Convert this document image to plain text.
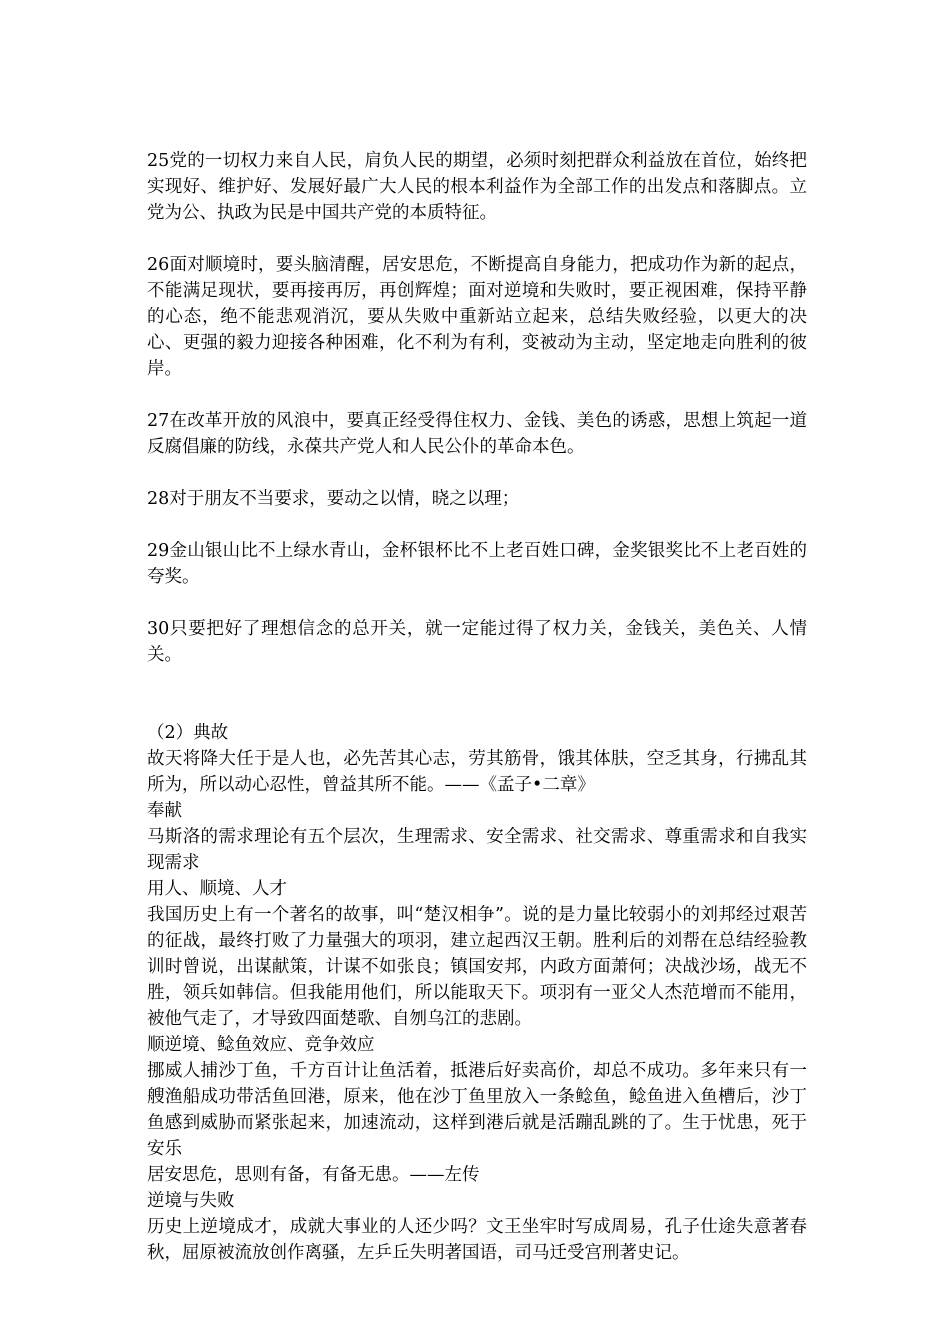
25党的一切权力来自人民，肩负人民的期望，必须时刻把群众利益放在首位，始终把实现好、维护好、发展好最广大人民的根本利益作为全部工作的出发点和落脚点。立党为公、执政为民是中国共产党的本质特征。

26面对顺境时，要头脑清醒，居安思危，不断提高自身能力，把成功作为新的起点，不能满足现状，要再接再厉，再创辉煌；面对逆境和失败时，要正视困难，保持平静的心态，绝不能悲观消沉，要从失败中重新站立起来，总结失败经验，以更大的决心、更强的毅力迎接各种困难，化不利为有利，变被动为主动，坚定地走向胜利的彼岸。

27在改革开放的风浪中，要真正经受得住权力、金钱、美色的诱惑，思想上筑起一道反腐倡廉的防线，永葆共产党人和人民公仆的革命本色。

28对于朋友不当要求，要动之以情，晓之以理；

29金山银山比不上绿水青山，金杯银杯比不上老百姓口碑，金奖银奖比不上老百姓的夸奖。

30只要把好了理想信念的总开关，就一定能过得了权力关，金钱关，美色关、人情关。

（2）典故

故天将降大任于是人也，必先苦其心志，劳其筋骨，饿其体肤，空乏其身，行拂乱其所为，所以动心忍性，曾益其所不能。——《孟子•二章》

奉献

马斯洛的需求理论有五个层次，生理需求、安全需求、社交需求、尊重需求和自我实现需求

用人、顺境、人才

我国历史上有一个著名的故事，叫“楚汉相争”。说的是力量比较弱小的刘邦经过艰苦的征战，最终打败了力量强大的项羽，建立起西汉王朝。胜利后的刘帮在总结经验教训时曾说，出谋献策，计谋不如张良；镇国安邦，内政方面萧何；决战沙场，战无不胜，领兵如韩信。但我能用他们，所以能取天下。项羽有一亚父人杰范增而不能用，被他气走了，才导致四面楚歌、自刎乌江的悲剧。

顺逆境、鲶鱼效应、竞争效应

挪威人捕沙丁鱼，千方百计让鱼活着，抵港后好卖高价，却总不成功。多年来只有一艘渔船成功带活鱼回港，原来，他在沙丁鱼里放入一条鲶鱼，鲶鱼进入鱼槽后，沙丁鱼感到威胁而紧张起来，加速流动，这样到港后就是活蹦乱跳的了。生于忧患，死于安乐

居安思危，思则有备，有备无患。——左传

逆境与失败

历史上逆境成才，成就大事业的人还少吗？文王坐牢时写成周易，孔子仕途失意著春秋，屈原被流放创作离骚，左乒丘失明著国语，司马迁受宫刑著史记。
